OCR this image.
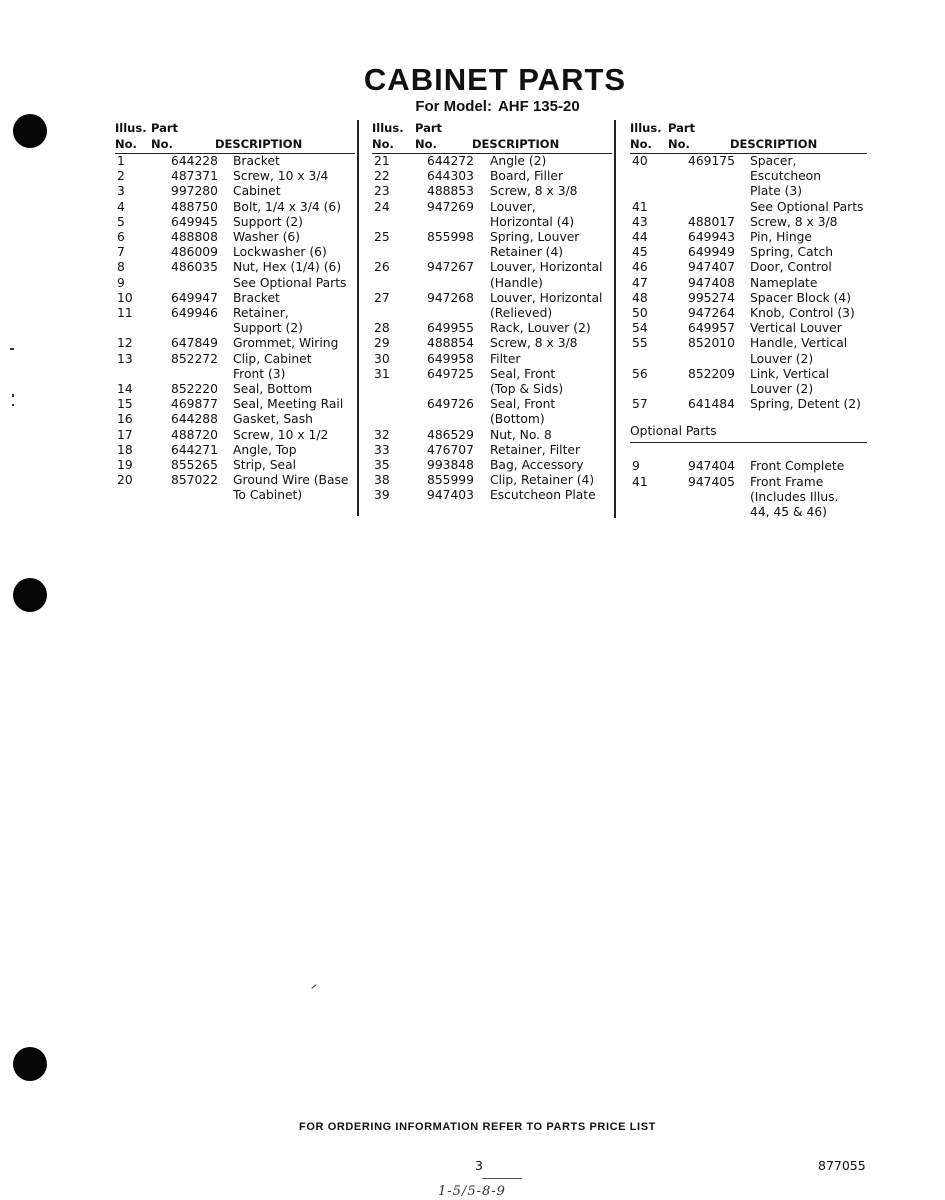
CABINET PARTS
For Model: AHF 135-20
Illus. Part
No. No.	DESCRIPTION
1	644228 Bracket
2	487371 Screw, 10 x 3/4
3	997280 Cabinet
4	488750 Bolt, 1/4 x 3/4 (6)
5	649945 Support (2)
6	488808 Washer (6)
7	486009 Lockwasher (6)
8	486035 Nut, Hex (1/4) (6)
9	See Optional Parts
10	649947 Bracket
11	649946 Retainer,
Support (2)
12	647849 Grommet, Wiring
13	852272 Clip, Cabinet
Front (3)
14	852220 Seal, Bottom
15	469877 Seal, Meeting Rail
16	644288 Gasket, Sash
17	488720 Screw, 10 x 1/2
18	644271 Angle, Top
19	855265 Strip, Seal
20	857022 Ground Wire (Base
To Cabinet)
Illus. Part
No. No.	DESCRIPTION
21	644272 Angle (2)
22	644303 Board, Filler
23	488853 Screw, 8 x 3/8
24	947269 Louver,
Horizontal (4)
25	855998 Spring, Louver
Retainer (4)
26	947267 Louver, Horizontal
(Handle)
27	947268 Louver, Horizontal
(Relieved)
28	649955 Rack, Louver (2)
29	488854 Screw, 8 x 3/8
30	649958 Filter
31	649725 Seal, Front
(Top & Sids)
649726 Seal, Front (Bottom)
32	486529 Nut, No. 8
33	476707 Retainer, Filter
35	993848 Bag, Accessory
38	855999 Clip, Retainer (4)
39	947403 Escutcheon Plate
Illus. Part
No. No.	DESCRIPTION
40	469175 Spacer, Escutcheon
Plate (3)
41	See Optional Parts
43	488017 Screw, 8 x 3/8
44	649943 Pin, Hinge
45	649949 Spring, Catch
46	947407 Door, Control
47	947408 Nameplate
48	995274 Spacer Block (4)
50	947264 Knob, Control (3)
54	649957 Vertical Louver
55	852010 Handle, Vertical
Louver (2)
56	852209 Link, Vertical
Louver (2)
57	641484 Spring, Detent (2)
Optional Parts
9	947404 Front Complete
41	947405 Front Frame
(Includes Illus.
44, 45 & 46)
FOR ORDERING INFORMATION REFER TO PARTS PRICE LIST
3	877055
1-5/5-8-9
